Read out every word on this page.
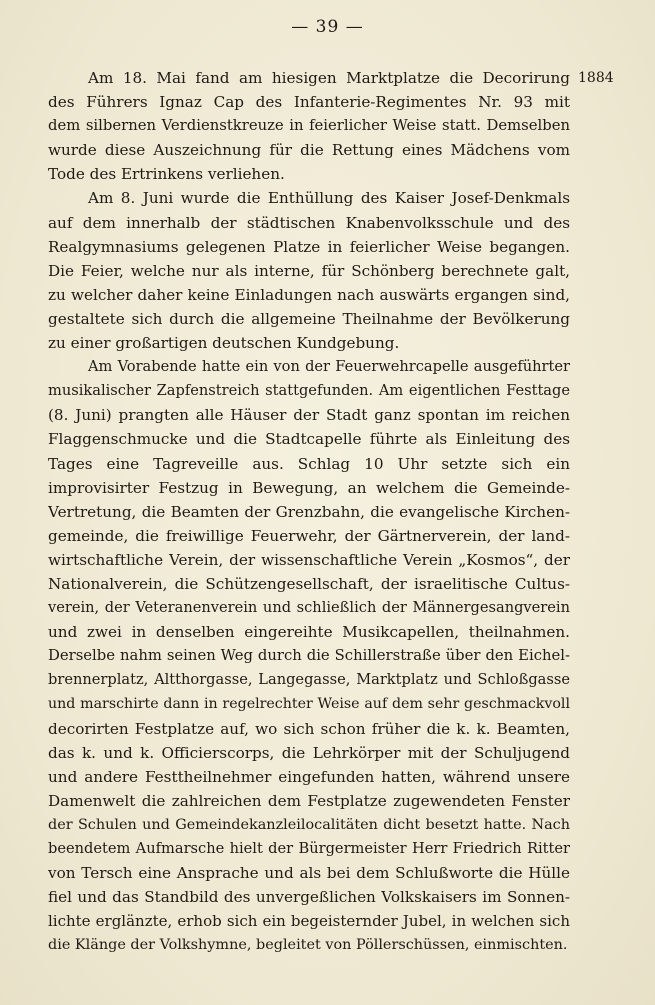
— 39 —
1884
Am 18. Mai fand am hiesigen Marktplatze die Decorirung
des Führers Ignaz Cap des Infanterie-Regimentes Nr. 93 mit
dem silbernen Verdienstkreuze in feierlicher Weise statt. Demselben
wurde diese Auszeichnung für die Rettung eines Mädchens vom
Tode des Ertrinkens verliehen.
Am 8. Juni wurde die Enthüllung des Kaiser Josef-Denkmals
auf dem innerhalb der städtischen Knabenvolksschule und des
Realgymnasiums gelegenen Platze in feierlicher Weise begangen.
Die Feier, welche nur als interne, für Schönberg berechnete galt,
zu welcher daher keine Einladungen nach auswärts ergangen sind,
gestaltete sich durch die allgemeine Theilnahme der Bevölkerung
zu einer großartigen deutschen Kundgebung.
Am Vorabende hatte ein von der Feuerwehrcapelle ausgeführter
musikalischer Zapfenstreich stattgefunden. Am eigentlichen Festtage
(8. Juni) prangten alle Häuser der Stadt ganz spontan im reichen
Flaggenschmucke und die Stadtcapelle führte als Einleitung des
Tages eine Tagreveille aus. Schlag 10 Uhr setzte sich ein
improvisirter Festzug in Bewegung, an welchem die Gemeinde-
Vertretung, die Beamten der Grenzbahn, die evangelische Kirchen-
gemeinde, die freiwillige Feuerwehr, der Gärtnerverein, der land-
wirtschaftliche Verein, der wissenschaftliche Verein „Kosmos“, der
Nationalverein, die Schützengesellschaft, der israelitische Cultus-
verein, der Veteranenverein und schließlich der Männergesangverein
und zwei in denselben eingereihte Musikcapellen, theilnahmen.
Derselbe nahm seinen Weg durch die Schillerstraße über den Eichel-
brennerplatz, Altthorgasse, Langegasse, Marktplatz und Schloßgasse
und marschirte dann in regelrechter Weise auf dem sehr geschmackvoll
decorirten Festplatze auf, wo sich schon früher die k. k. Beamten,
das k. und k. Officierscorps, die Lehrkörper mit der Schuljugend
und andere Festtheilnehmer eingefunden hatten, während unsere
Damenwelt die zahlreichen dem Festplatze zugewendeten Fenster
der Schulen und Gemeindekanzleilocalitäten dicht besetzt hatte. Nach
beendetem Aufmarsche hielt der Bürgermeister Herr Friedrich Ritter
von Tersch eine Ansprache und als bei dem Schlußworte die Hülle
fiel und das Standbild des unvergeßlichen Volkskaisers im Sonnen-
lichte erglänzte, erhob sich ein begeisternder Jubel, in welchen sich
die Klänge der Volkshymne, begleitet von Pöllerschüssen, einmischten.
